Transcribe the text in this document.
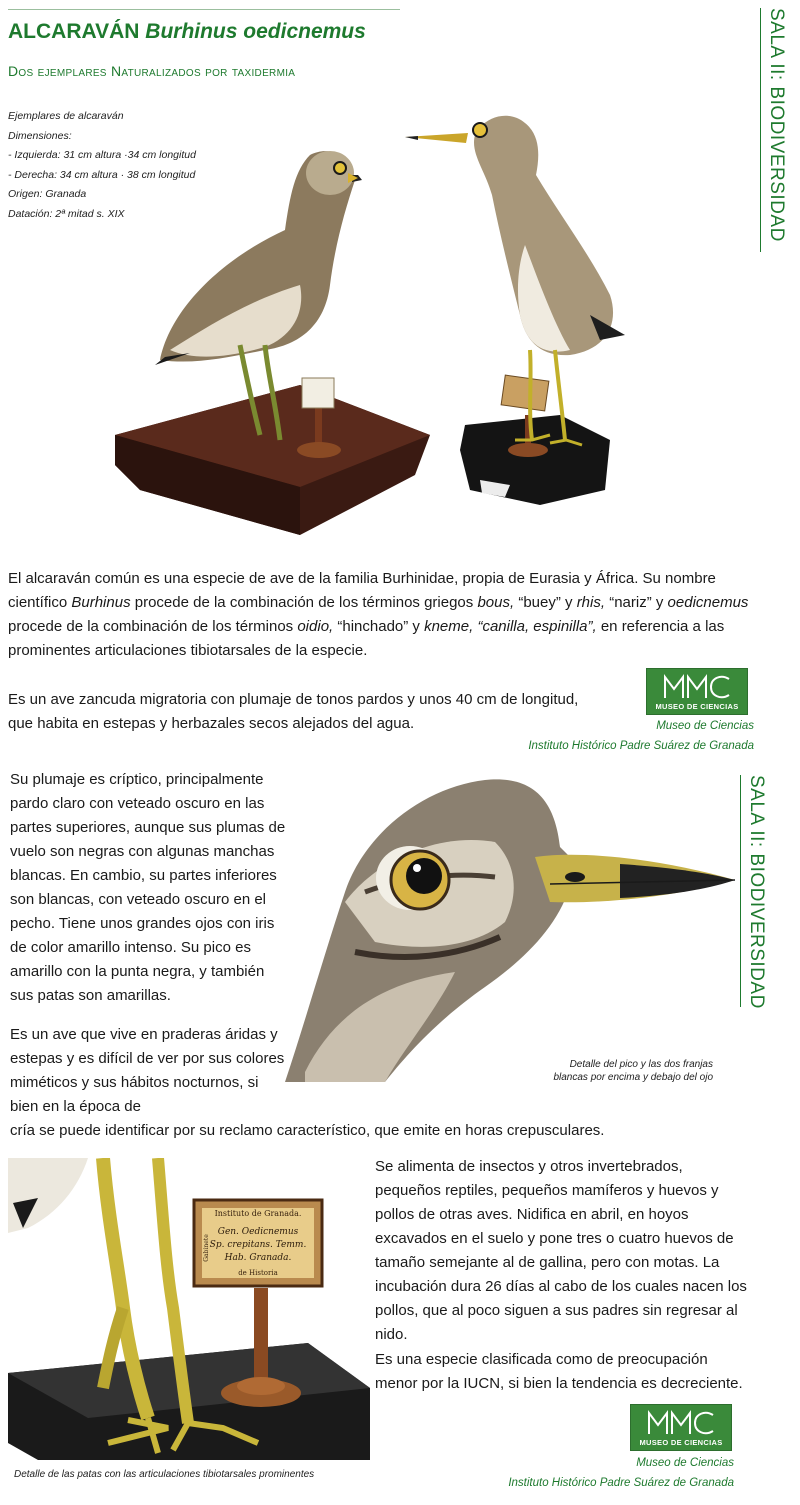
ALCARAVÁN Burhinus oedicnemus
Dos ejemplares Naturalizados por taxidermia	SALA II: BIODIVERSIDAD
Ejemplares de alcaraván
Dimensiones:
- Izquierda: 31 cm altura ·34 cm longitud
- Derecha: 34 cm altura · 38 cm longitud
Origen: Granada
Datación: 2ª mitad s. XIX
El alcaraván común es una especie de ave de la familia Burhinidae, propia de Eurasia y África. Su nombre científico Burhinus procede de la combinación de los términos griegos bous, “buey” y rhis, “nariz” y oedicnemus procede de la combinación de los términos oidio, “hinchado” y kneme, “canilla, espinilla”, en referencia a las prominentes articulaciones tibiotarsales de la especie.
Es un ave zancuda migratoria con plumaje de tonos pardos y unos 40 cm de longitud, que habita en estepas y herbazales secos alejados del agua.
MUSEO DE CIENCIAS
Museo de Ciencias
Instituto Histórico Padre Suárez de Granada
SALA II: BIODIVERSIDAD
Su plumaje es críptico, principalmente pardo claro con veteado oscuro en las partes superiores, aunque sus plumas de vuelo son negras con algunas manchas blancas. En cambio, su partes inferiores son blancas, con veteado oscuro en el pecho. Tiene unos grandes ojos con iris de color amarillo intenso. Su pico es amarillo con la punta negra, y también sus patas son amarillas.
Detalle del pico y las dos franjas
blancas por encima y debajo del ojo
Es un ave que vive en praderas áridas y estepas y es difícil de ver por sus colores miméticos y sus hábitos nocturnos, si bien en la época de
cría se puede identificar por su reclamo característico, que emite en horas crepusculares.
Instituto de Granada.
Gen. Oedicnemus
Sp. crepitans. Temm.
Hab. Granada.
Gabinete
de Historia
Detalle de las patas con las articulaciones tibiotarsales prominentes
Se alimenta de insectos y otros invertebrados, pequeños reptiles, pequeños mamíferos y huevos y pollos de otras aves. Nidifica en abril, en hoyos excavados en el suelo y pone tres o cuatro huevos de tamaño semejante al de gallina, pero con motas. La incubación dura 26 días al cabo de los cuales nacen los pollos, que al poco siguen a sus padres sin regresar al nido.
Es una especie clasificada como de preocupación menor por la IUCN, si bien la tendencia es decreciente.
MUSEO DE CIENCIAS
Museo de Ciencias
Instituto Histórico Padre Suárez de Granada
